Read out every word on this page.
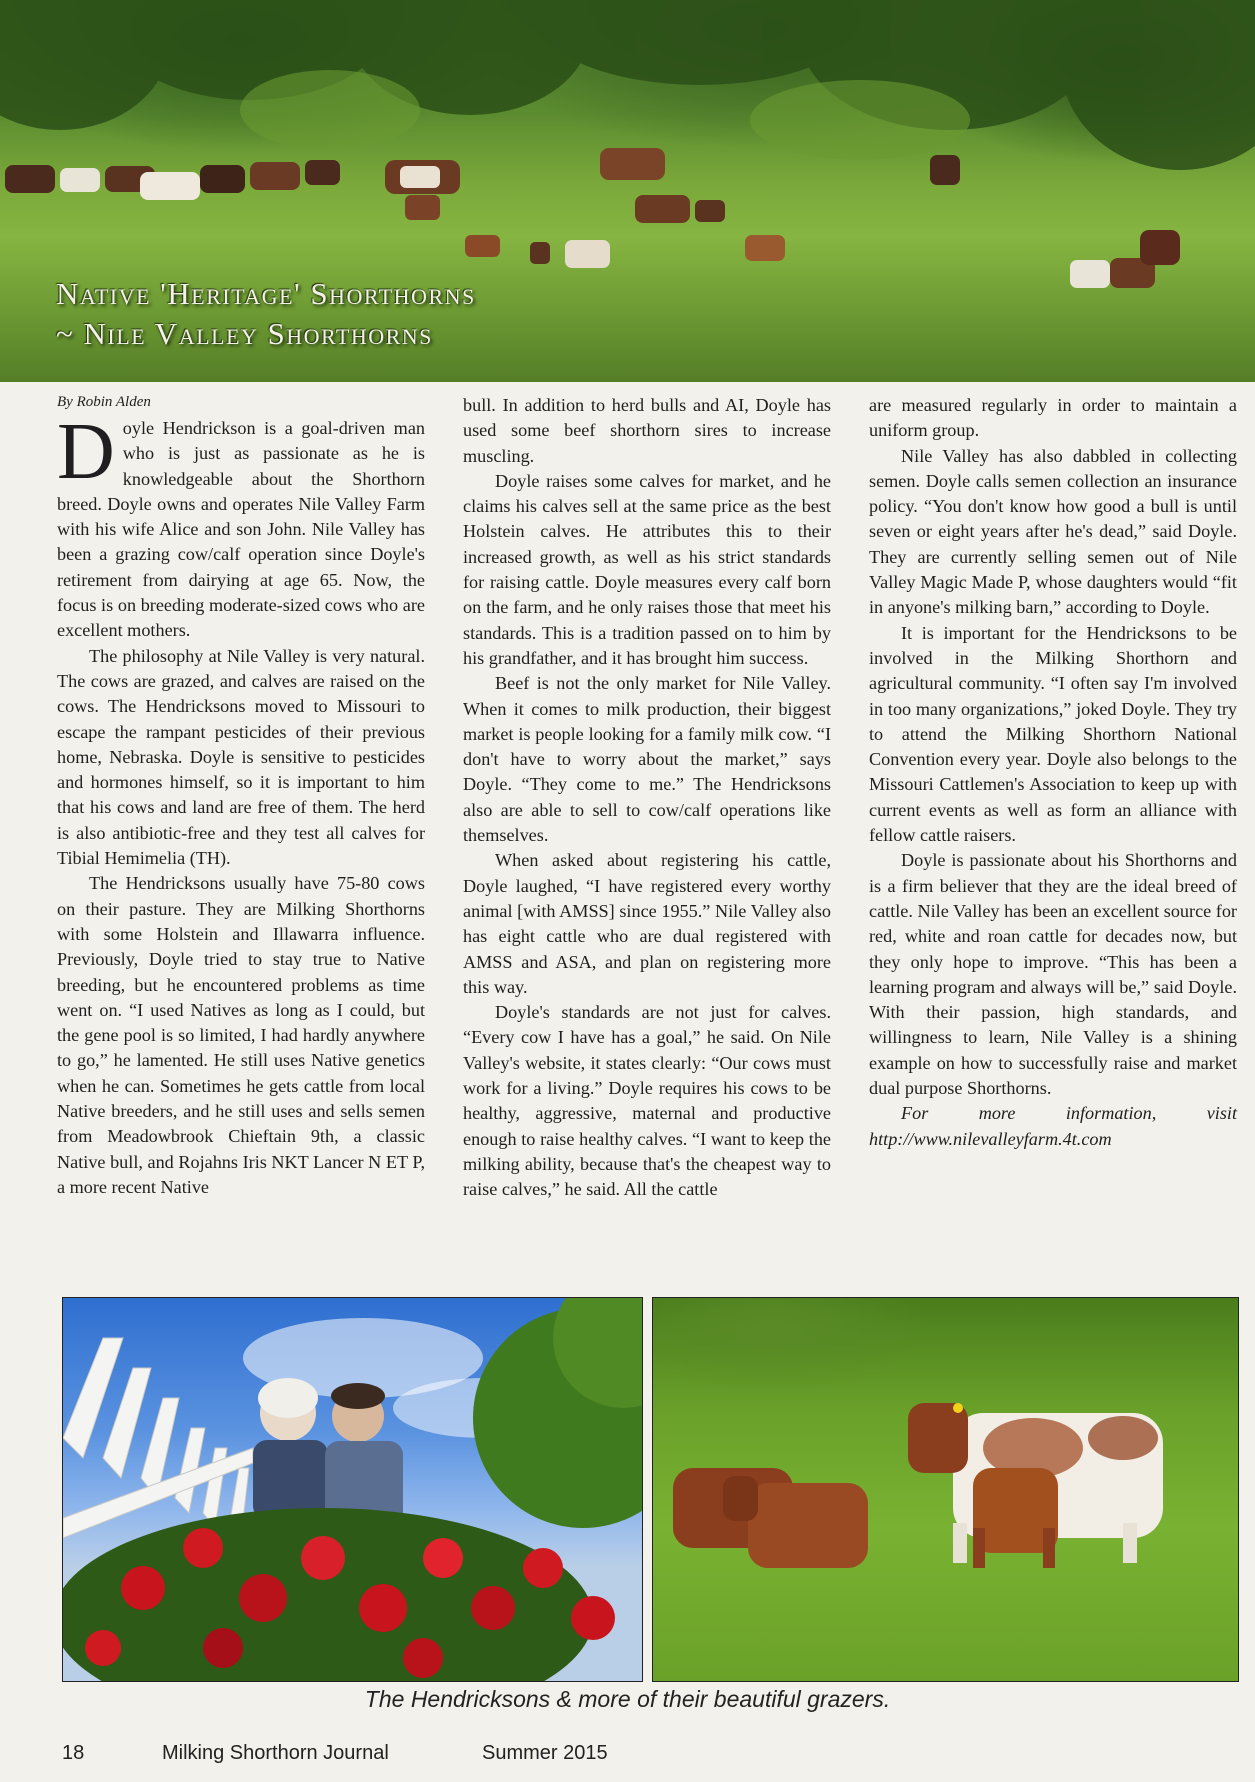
Native 'Heritage' Shorthorns
~ Nile Valley Shorthorns
By Robin Alden

Doyle Hendrickson is a goal-driven man who is just as passionate as he is knowledgeable about the Shorthorn breed. Doyle owns and operates Nile Valley Farm with his wife Alice and son John. Nile Valley has been a grazing cow/calf operation since Doyle's retirement from dairying at age 65. Now, the focus is on breeding moderate-sized cows who are excellent mothers.

The philosophy at Nile Valley is very natural. The cows are grazed, and calves are raised on the cows. The Hendricksons moved to Missouri to escape the rampant pesticides of their previous home, Nebraska. Doyle is sensitive to pesticides and hormones himself, so it is important to him that his cows and land are free of them. The herd is also antibiotic-free and they test all calves for Tibial Hemimelia (TH).

The Hendricksons usually have 75-80 cows on their pasture. They are Milking Shorthorns with some Holstein and Illawarra influence. Previously, Doyle tried to stay true to Native breeding, but he encountered problems as time went on. “I used Natives as long as I could, but the gene pool is so limited, I had hardly anywhere to go,” he lamented. He still uses Native genetics when he can. Sometimes he gets cattle from local Native breeders, and he still uses and sells semen from Meadowbrook Chieftain 9th, a classic Native bull, and Rojahns Iris NKT Lancer N ET P, a more recent Native

bull. In addition to herd bulls and AI, Doyle has used some beef shorthorn sires to increase muscling.

Doyle raises some calves for market, and he claims his calves sell at the same price as the best Holstein calves. He attributes this to their increased growth, as well as his strict standards for raising cattle. Doyle measures every calf born on the farm, and he only raises those that meet his standards. This is a tradition passed on to him by his grandfather, and it has brought him success.

Beef is not the only market for Nile Valley. When it comes to milk production, their biggest market is people looking for a family milk cow. “I don't have to worry about the market,” says Doyle. “They come to me.” The Hendricksons also are able to sell to cow/calf operations like themselves.

When asked about registering his cattle, Doyle laughed, “I have registered every worthy animal [with AMSS] since 1955.” Nile Valley also has eight cattle who are dual registered with AMSS and ASA, and plan on registering more this way.

Doyle's standards are not just for calves. “Every cow I have has a goal,” he said. On Nile Valley's website, it states clearly: “Our cows must work for a living.” Doyle requires his cows to be healthy, aggressive, maternal and productive enough to raise healthy calves. “I want to keep the milking ability, because that's the cheapest way to raise calves,” he said. All the cattle

are measured regularly in order to maintain a uniform group.

Nile Valley has also dabbled in collecting semen. Doyle calls semen collection an insurance policy. “You don't know how good a bull is until seven or eight years after he's dead,” said Doyle. They are currently selling semen out of Nile Valley Magic Made P, whose daughters would “fit in anyone's milking barn,” according to Doyle.

It is important for the Hendricksons to be involved in the Milking Shorthorn and agricultural community. “I often say I'm involved in too many organizations,” joked Doyle. They try to attend the Milking Shorthorn National Convention every year. Doyle also belongs to the Missouri Cattlemen's Association to keep up with current events as well as form an alliance with fellow cattle raisers.

Doyle is passionate about his Shorthorns and is a firm believer that they are the ideal breed of cattle. Nile Valley has been an excellent source for red, white and roan cattle for decades now, but they only hope to improve. “This has been a learning program and always will be,” said Doyle. With their passion, high standards, and willingness to learn, Nile Valley is a shining example on how to successfully raise and market dual purpose Shorthorns.

For more information, visit http://www.nilevalleyfarm.4t.com

The Hendricksons & more of their beautiful grazers.
18	Milking Shorthorn Journal	Summer 2015
